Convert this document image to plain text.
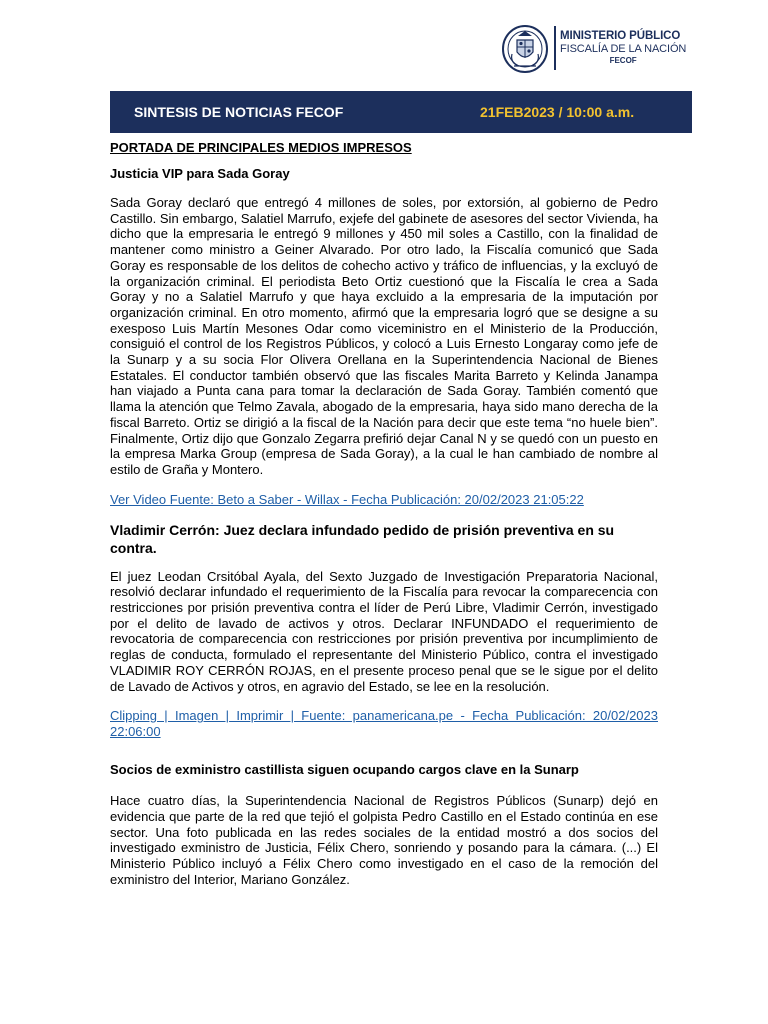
MINISTERIO PÚBLICO
FISCALÍA DE LA NACIÓN
FECOF
SINTESIS DE NOTICIAS FECOF	21FEB2023 / 10:00 a.m.

PORTADA DE PRINCIPALES MEDIOS IMPRESOS

Justicia VIP para Sada Goray

Sada Goray declaró que entregó 4 millones de soles, por extorsión, al gobierno de Pedro Castillo. Sin embargo, Salatiel Marrufo, exjefe del gabinete de asesores del sector Vivienda, ha dicho que la empresaria le entregó 9 millones y 450 mil soles a Castillo, con la finalidad de mantener como ministro a Geiner Alvarado. Por otro lado, la Fiscalía comunicó que Sada Goray es responsable de los delitos de cohecho activo y tráfico de influencias, y la excluyó de la organización criminal. El periodista Beto Ortiz cuestionó que la Fiscalía le crea a Sada Goray y no a Salatiel Marrufo y que haya excluido a la empresaria de la imputación por organización criminal. En otro momento, afirmó que la empresaria logró que se designe a su exesposo Luis Martín Mesones Odar como viceministro en el Ministerio de la Producción, consiguió el control de los Registros Públicos, y colocó a Luis Ernesto Longaray como jefe de la Sunarp y a su socia Flor Olivera Orellana en la Superintendencia Nacional de Bienes Estatales. El conductor también observó que las fiscales Marita Barreto y Kelinda Janampa han viajado a Punta cana para tomar la declaración de Sada Goray. También comentó que llama la atención que Telmo Zavala, abogado de la empresaria, haya sido mano derecha de la fiscal Barreto. Ortiz se dirigió a la fiscal de la Nación para decir que este tema “no huele bien”. Finalmente, Ortiz dijo que Gonzalo Zegarra prefirió dejar Canal N y se quedó con un puesto en la empresa Marka Group (empresa de Sada Goray), a la cual le han cambiado de nombre al estilo de Graña y Montero.

Ver Video Fuente: Beto a Saber - Willax - Fecha Publicación: 20/02/2023 21:05:22

Vladimir Cerrón: Juez declara infundado pedido de prisión preventiva en su contra.

El juez Leodan Crsitóbal Ayala, del Sexto Juzgado de Investigación Preparatoria Nacional, resolvió declarar infundado el requerimiento de la Fiscalía para revocar la comparecencia con restricciones por prisión preventiva contra el líder de Perú Libre, Vladimir Cerrón, investigado por el delito de lavado de activos y otros. Declarar INFUNDADO el requerimiento de revocatoria de comparecencia con restricciones por prisión preventiva por incumplimiento de reglas de conducta, formulado el representante del Ministerio Público, contra el investigado VLADIMIR ROY CERRÓN ROJAS, en el presente proceso penal que se le sigue por el delito de Lavado de Activos y otros, en agravio del Estado, se lee en la resolución.

Clipping | Imagen | Imprimir | Fuente: panamericana.pe - Fecha Publicación: 20/02/2023 22:06:00

Socios de exministro castillista siguen ocupando cargos clave en la Sunarp

Hace cuatro días, la Superintendencia Nacional de Registros Públicos (Sunarp) dejó en evidencia que parte de la red que tejió el golpista Pedro Castillo en el Estado continúa en ese sector. Una foto publicada en las redes sociales de la entidad mostró a dos socios del investigado exministro de Justicia, Félix Chero, sonriendo y posando para la cámara. (...) El Ministerio Público incluyó a Félix Chero como investigado en el caso de la remoción del exministro del Interior, Mariano González.
